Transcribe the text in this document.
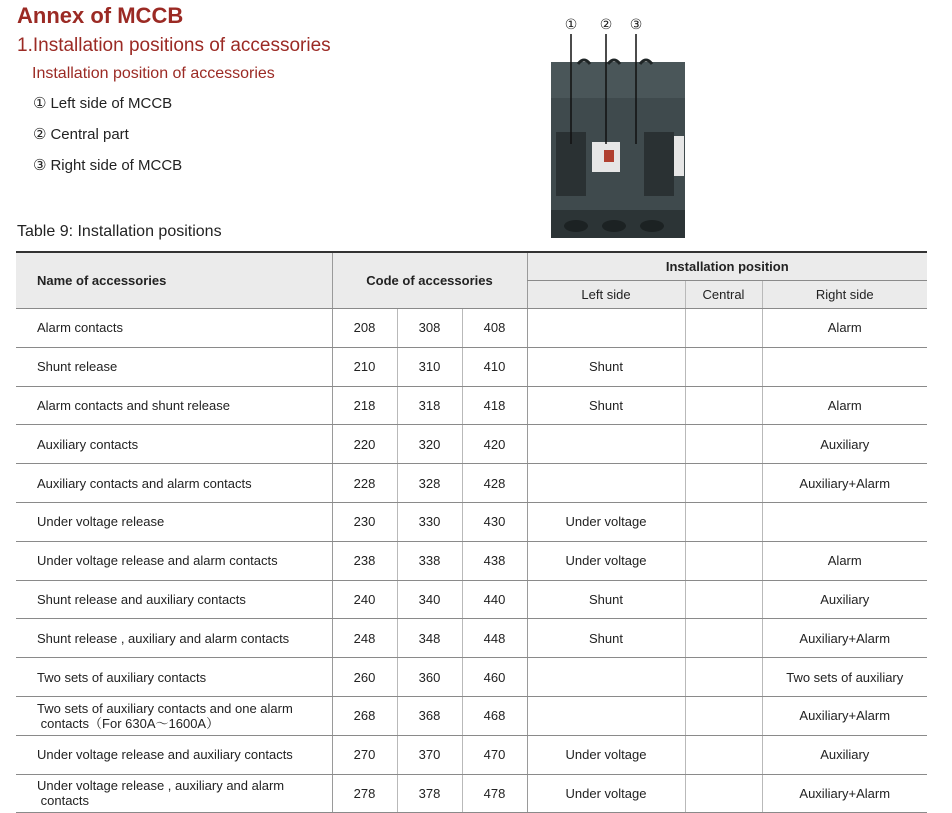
Annex of MCCB
1.Installation positions of accessories
Installation position of accessories
① Left side of MCCB
② Central part
③ Right side of MCCB
① ② ③
Table 9: Installation positions
Name of accessories	Code of accessories			Installation position		
				Left side	Central	Right side
Alarm contacts	208	308	408			Alarm
Shunt release	210	310	410	Shunt		
Alarm contacts and shunt release	218	318	418	Shunt		Alarm
Auxiliary contacts	220	320	420			Auxiliary
Auxiliary contacts and alarm contacts	228	328	428			Auxiliary+Alarm
Under voltage release	230	330	430	Under voltage		
Under voltage release and alarm contacts	238	338	438	Under voltage		Alarm
Shunt release and auxiliary contacts	240	340	440	Shunt		Auxiliary
Shunt release , auxiliary and alarm contacts	248	348	448	Shunt		Auxiliary+Alarm
Two sets of auxiliary contacts	260	360	460			Two sets of auxiliary
Two sets of auxiliary contacts and one alarm
contacts（For 630A～1600A）	268	368	468			Auxiliary+Alarm
Under voltage release and auxiliary contacts	270	370	470	Under voltage		Auxiliary
Under voltage release , auxiliary and alarm
contacts	278	378	478	Under voltage		Auxiliary+Alarm
